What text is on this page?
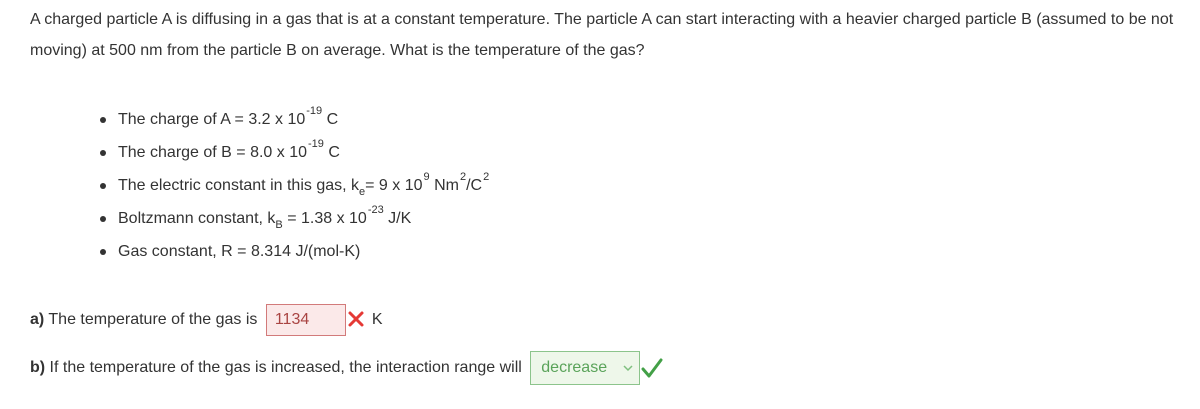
A charged particle A is diffusing in a gas that is at a constant temperature. The particle A can start interacting with a heavier charged particle B (assumed to be not moving) at 500 nm from the particle B on average. What is the temperature of the gas?

The charge of A = 3.2 x $10^{-19}$ C
The charge of B = 8.0 x $10^{-19}$ C
The electric constant in this gas, $k_e= 9$ x $10^9$ $Nm^2/C^2$
Boltzmann constant, $k_B = 1.38$ x $10^{-23}$ J/K
Gas constant, R = 8.314 J/(mol-K)
a) The temperature of the gas is 1134	K
b) If the temperature of the gas is increased, the interaction range will decrease
